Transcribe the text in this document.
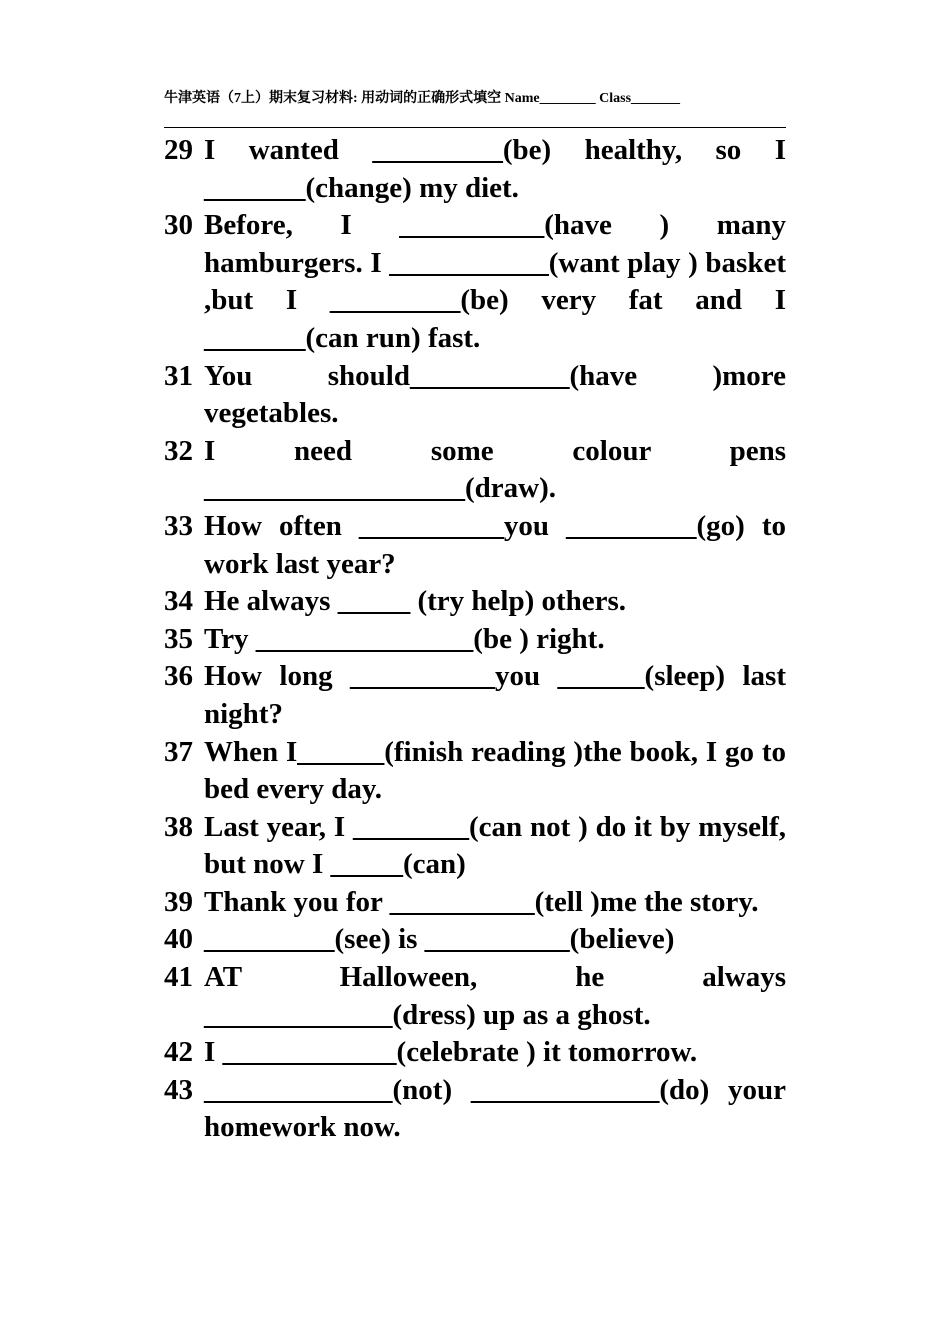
牛津英语（7上）期末复习材料: 用动词的正确形式填空 Name________ Class_______
29 I wanted _________(be) healthy, so I _______(change) my diet.
30 Before, I __________(have ) many hamburgers. I ___________(want play ) basket ,but I _________(be) very fat and I _______(can run) fast.
31 You should___________(have )more vegetables.
32 I need some colour pens __________________(draw).
33 How often __________you _________(go) to work last year?
34 He always _____ (try help) others.
35 Try _______________(be ) right.
36 How long __________you ______(sleep) last night?
37 When I______(finish reading )the book, I go to bed every day.
38 Last year, I ________(can not ) do it by myself, but now I _____(can)
39 Thank you for __________(tell )me the story.
40 _________(see) is __________(believe)
41 AT Halloween, he always _____________(dress) up as a ghost.
42 I ____________(celebrate ) it tomorrow.
43 _____________(not) _____________(do) your homework now.
